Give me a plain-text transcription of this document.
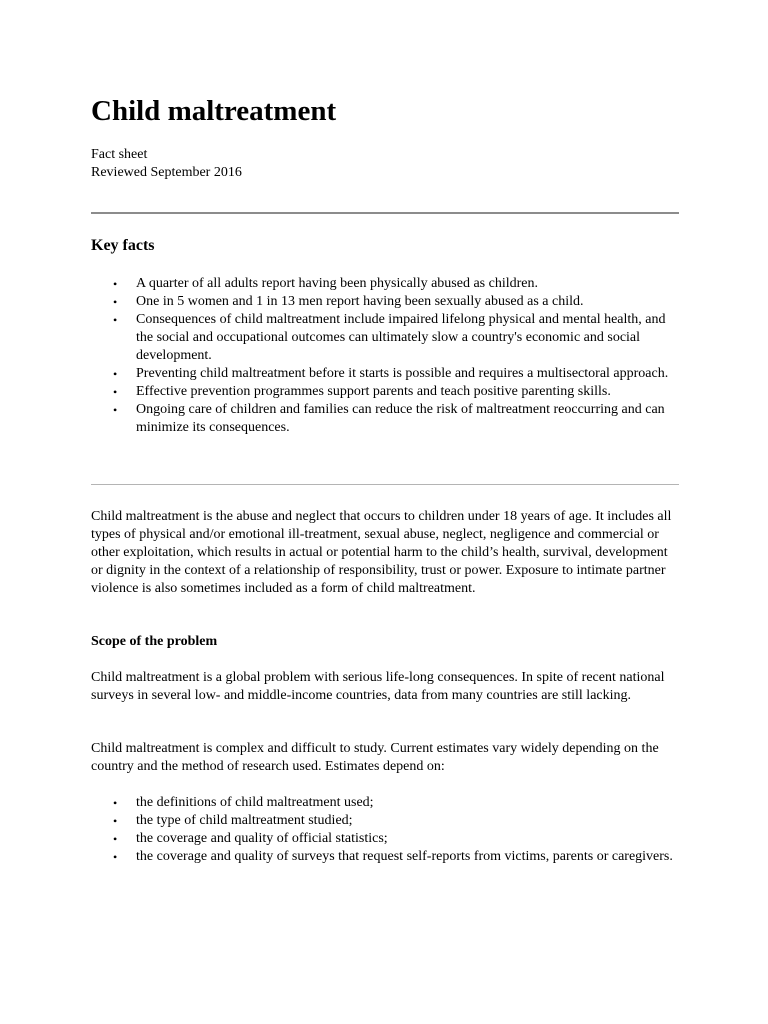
Child maltreatment
Fact sheet
Reviewed September 2016
Key facts
• A quarter of all adults report having been physically abused as children.
• One in 5 women and 1 in 13 men report having been sexually abused as a child.
• Consequences of child maltreatment include impaired lifelong physical and mental health, and the social and occupational outcomes can ultimately slow a country's economic and social development.
• Preventing child maltreatment before it starts is possible and requires a multisectoral approach.
• Effective prevention programmes support parents and teach positive parenting skills.
• Ongoing care of children and families can reduce the risk of maltreatment reoccurring and can minimize its consequences.

Child maltreatment is the abuse and neglect that occurs to children under 18 years of age. It includes all types of physical and/or emotional ill-treatment, sexual abuse, neglect, negligence and commercial or other exploitation, which results in actual or potential harm to the child’s health, survival, development or dignity in the context of a relationship of responsibility, trust or power. Exposure to intimate partner violence is also sometimes included as a form of child maltreatment.

Scope of the problem

Child maltreatment is a global problem with serious life-long consequences. In spite of recent national surveys in several low- and middle-income countries, data from many countries are still lacking.

Child maltreatment is complex and difficult to study. Current estimates vary widely depending on the country and the method of research used. Estimates depend on:

• the definitions of child maltreatment used;
• the type of child maltreatment studied;
• the coverage and quality of official statistics;
• the coverage and quality of surveys that request self-reports from victims, parents or caregivers.
